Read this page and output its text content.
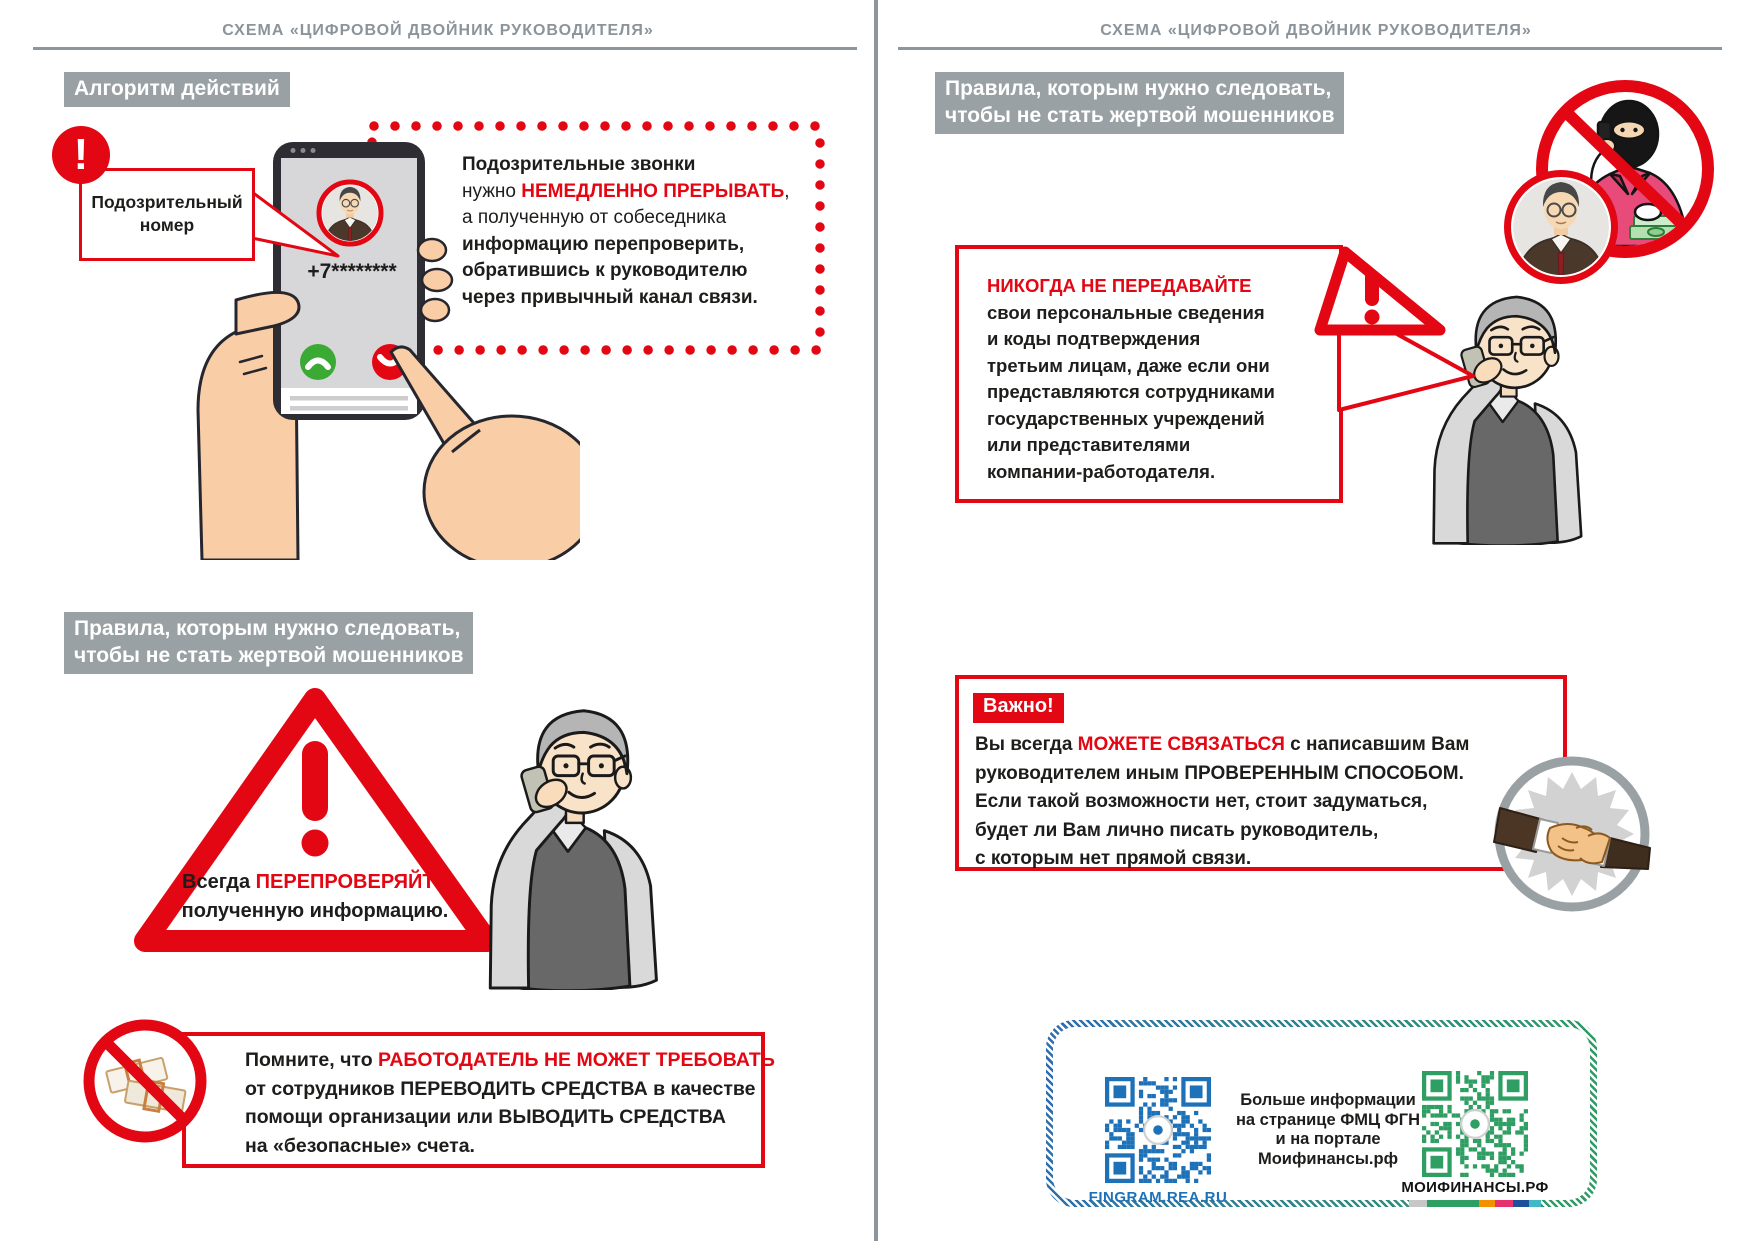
СХЕМА «ЦИФРОВОЙ ДВОЙНИК РУКОВОДИТЕЛЯ»
Алгоритм действий
Подозрительные звонки
нужно НЕМЕДЛЕННО ПРЕРЫВАТЬ,
а полученную от собеседника
информацию перепроверить,
обратившись к руководителю
через привычный канал связи.
+7********
Подозрительный
номер
!
Правила, которым нужно следовать,
чтобы не стать жертвой мошенников
Всегда ПЕРЕПРОВЕРЯЙТЕ
полученную информацию.
Помните, что РАБОТОДАТЕЛЬ НЕ МОЖЕТ ТРЕБОВАТЬ
от сотрудников ПЕРЕВОДИТЬ СРЕДСТВА в качестве
помощи организации или ВЫВОДИТЬ СРЕДСТВА
на «безопасные» счета.
СХЕМА «ЦИФРОВОЙ ДВОЙНИК РУКОВОДИТЕЛЯ»
Правила, которым нужно следовать,
чтобы не стать жертвой мошенников
НИКОГДА НЕ ПЕРЕДАВАЙТЕ
свои персональные сведения
и коды подтверждения
третьим лицам, даже если они
представляются сотрудниками
государственных учреждений
или представителями
компании-работодателя.
Важно!
Вы всегда МОЖЕТЕ СВЯЗАТЬСЯ с написавшим Вам
руководителем иным ПРОВЕРЕННЫМ СПОСОБОМ.
Если такой возможности нет, стоит задуматься,
будет ли Вам лично писать руководитель,
с которым нет прямой связи.
FINGRAM.REA.RU
Больше информации
на странице ФМЦ ФГН
и на портале
Моифинансы.рф
МОИФИНАНСЫ.РФ
